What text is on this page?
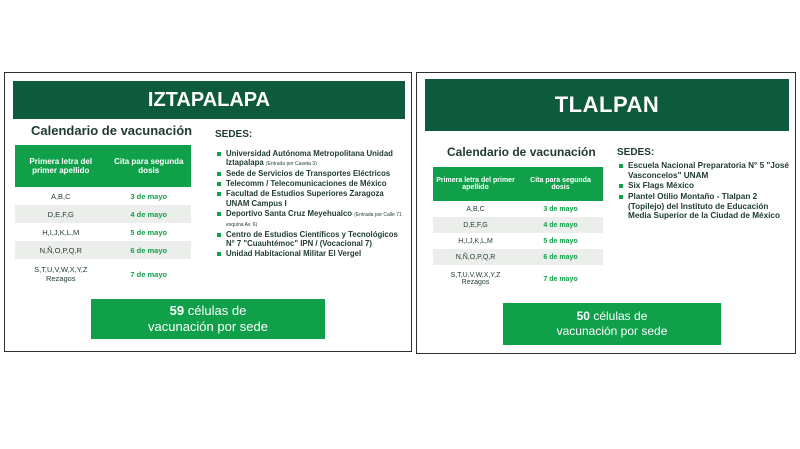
IZTAPALAPA
Calendario de vacunación
Primera letra del primer apellido	Cita para segunda dosis
A,B,C	3 de mayo
D,E,F,G	4 de mayo
H,I,J,K,L,M	5 de mayo
N,Ñ,O,P,Q,R	6 de mayo

S,T,U,V,W,X,Y,Z
Rezagos	7 de mayo
SEDES:
Universidad Autónoma Metropolitana Unidad Iztapalapa (Entrada por Caseta 3)
Sede de Servicios de Transportes Eléctricos
Telecomm / Telecomunicaciones de México
Facultad de Estudios Superiores Zaragoza UNAM Campus I
Deportivo Santa Cruz Meyehualco (Entrada por Calle 71 esquina Av. 6)
Centro de Estudios Científicos y Tecnológicos N° 7 "Cuauhtémoc" IPN / (Vocacional 7)
Unidad Habitacional Militar El Vergel
59 células de
vacunación por sede
TLALPAN
Calendario de vacunación
Primera letra del primer apellido	Cita para segunda dosis
A,B,C	3 de mayo
D,E,F,G	4 de mayo
H,I,J,K,L,M	5 de mayo
N,Ñ,O,P,Q,R	6 de mayo

S,T,U,V,W,X,Y,Z
Rezagos	7 de mayo
SEDES:
Escuela Nacional Preparatoria N° 5 "José Vasconcelos" UNAM
Six Flags México
Plantel Otilio Montaño - Tlalpan 2 (Topilejo) del Instituto de Educación Media Superior de la Ciudad de México
50 células de
vacunación por sede
